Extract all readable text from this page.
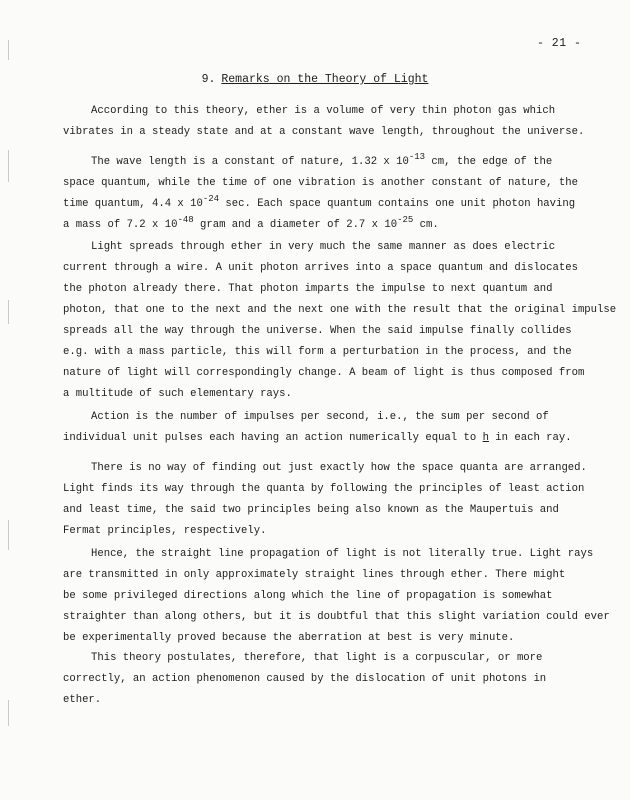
- 21 -
9. Remarks on the Theory of Light
According to this theory, ether is a volume of very thin photon gas which
vibrates in a steady state and at a constant wave length, throughout the universe.
The wave length is a constant of nature, 1.32 x $10^{-13}$ cm, the edge of the
space quantum, while the time of one vibration is another constant of nature, the
time quantum, 4.4 x $10^{-24}$ sec. Each space quantum contains one unit photon having
a mass of 7.2 x $10^{-48}$ gram and a diameter of 2.7 x $10^{-25}$ cm.
Light spreads through ether in very much the same manner as does electric
current through a wire. A unit photon arrives into a space quantum and dislocates
the photon already there. That photon imparts the impulse to next quantum and
photon, that one to the next and the next one with the result that the original impulse
spreads all the way through the universe. When the said impulse finally collides
e.g. with a mass particle, this will form a perturbation in the process, and the
nature of light will correspondingly change. A beam of light is thus composed from
a multitude of such elementary rays.
Action is the number of impulses per second, i.e., the sum per second of
individual unit pulses each having an action numerically equal to h in each ray.
There is no way of finding out just exactly how the space quanta are arranged.
Light finds its way through the quanta by following the principles of least action
and least time, the said two principles being also known as the Maupertuis and
Fermat principles, respectively.
Hence, the straight line propagation of light is not literally true. Light rays
are transmitted in only approximately straight lines through ether. There might
be some privileged directions along which the line of propagation is somewhat
straighter than along others, but it is doubtful that this slight variation could ever
be experimentally proved because the aberration at best is very minute.
This theory postulates, therefore, that light is a corpuscular, or more
correctly, an action phenomenon caused by the dislocation of unit photons in
ether.
